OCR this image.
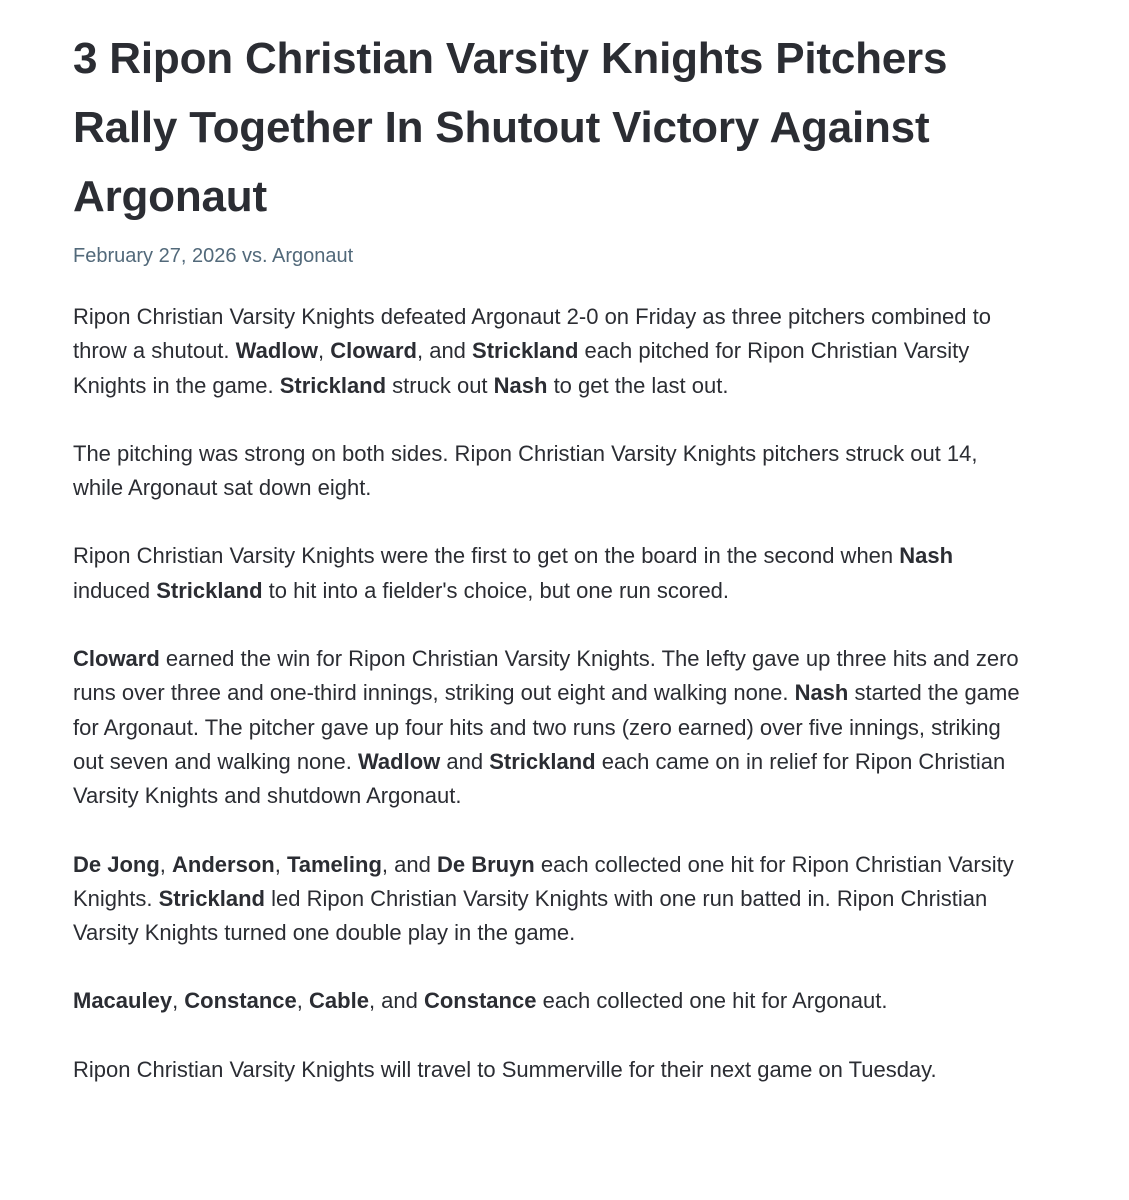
3 Ripon Christian Varsity Knights Pitchers Rally Together In Shutout Victory Against Argonaut
February 27, 2026 vs. Argonaut

Ripon Christian Varsity Knights defeated Argonaut 2-0 on Friday as three pitchers combined to throw a shutout. Wadlow, Cloward, and Strickland each pitched for Ripon Christian Varsity Knights in the game. Strickland struck out Nash to get the last out.

The pitching was strong on both sides. Ripon Christian Varsity Knights pitchers struck out 14, while Argonaut sat down eight.

Ripon Christian Varsity Knights were the first to get on the board in the second when Nash induced Strickland to hit into a fielder's choice, but one run scored.

Cloward earned the win for Ripon Christian Varsity Knights. The lefty gave up three hits and zero runs over three and one-third innings, striking out eight and walking none. Nash started the game for Argonaut. The pitcher gave up four hits and two runs (zero earned) over five innings, striking out seven and walking none. Wadlow and Strickland each came on in relief for Ripon Christian Varsity Knights and shutdown Argonaut.

De Jong, Anderson, Tameling, and De Bruyn each collected one hit for Ripon Christian Varsity Knights. Strickland led Ripon Christian Varsity Knights with one run batted in. Ripon Christian Varsity Knights turned one double play in the game.

Macauley, Constance, Cable, and Constance each collected one hit for Argonaut.

Ripon Christian Varsity Knights will travel to Summerville for their next game on Tuesday.
